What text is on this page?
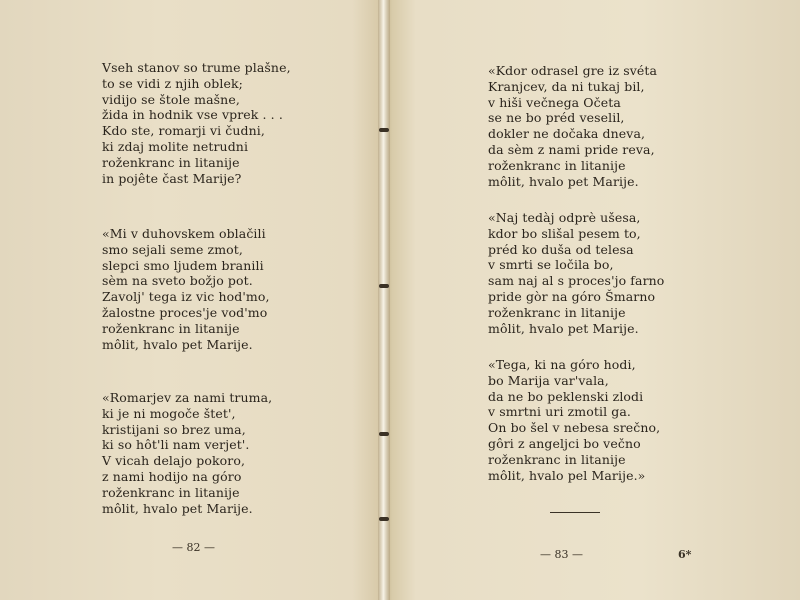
Vseh stanov so trume plašne,
to se vidi z njih oblek;
vidijo se štole mašne,
žida in hodnik vse vprek . . .
Kdo ste, romarji vi čudni,
ki zdaj molite netrudni
roženkranc in litanije
in pojête čast Marije?

«Mi v duhovskem oblačili
smo sejali seme zmot,
slepci smo ljudem branili
sèm na sveto božjo pot.
Zavolj' tega iz vic hod'mo,
žalostne proces'je vod'mo
roženkranc in litanije
môlit, hvalo pet Marije.

«Romarjev za nami truma,
ki je ni mogoče štet',
kristijani so brez uma,
ki so hôt'li nam verjet'.
V vicah delajo pokoro,
z nami hodijo na góro
roženkranc in litanije
môlit, hvalo pet Marije.

— 82 —

«Kdor odrasel gre iz svéta
Kranjcev, da ni tukaj bil,
v hiši večnega Očeta
se ne bo préd veselil,
dokler ne dočaka dneva,
da sèm z nami pride reva,
roženkranc in litanije
môlit, hvalo pet Marije.

«Naj tedàj odprè ušesa,
kdor bo slišal pesem to,
préd ko duša od telesa
v smrti se ločila bo,
sam naj al s proces'jo farno
pride gòr na góro Šmarno
roženkranc in litanije
môlit, hvalo pet Marije.

«Tega, ki na góro hodi,
bo Marija var'vala,
da ne bo peklenski zlodi
v smrtni uri zmotil ga.
On bo šel v nebesa srečno,
gôri z angeljci bo večno
roženkranc in litanije
môlit, hvalo pel Marije.»

— 83 —	6*
